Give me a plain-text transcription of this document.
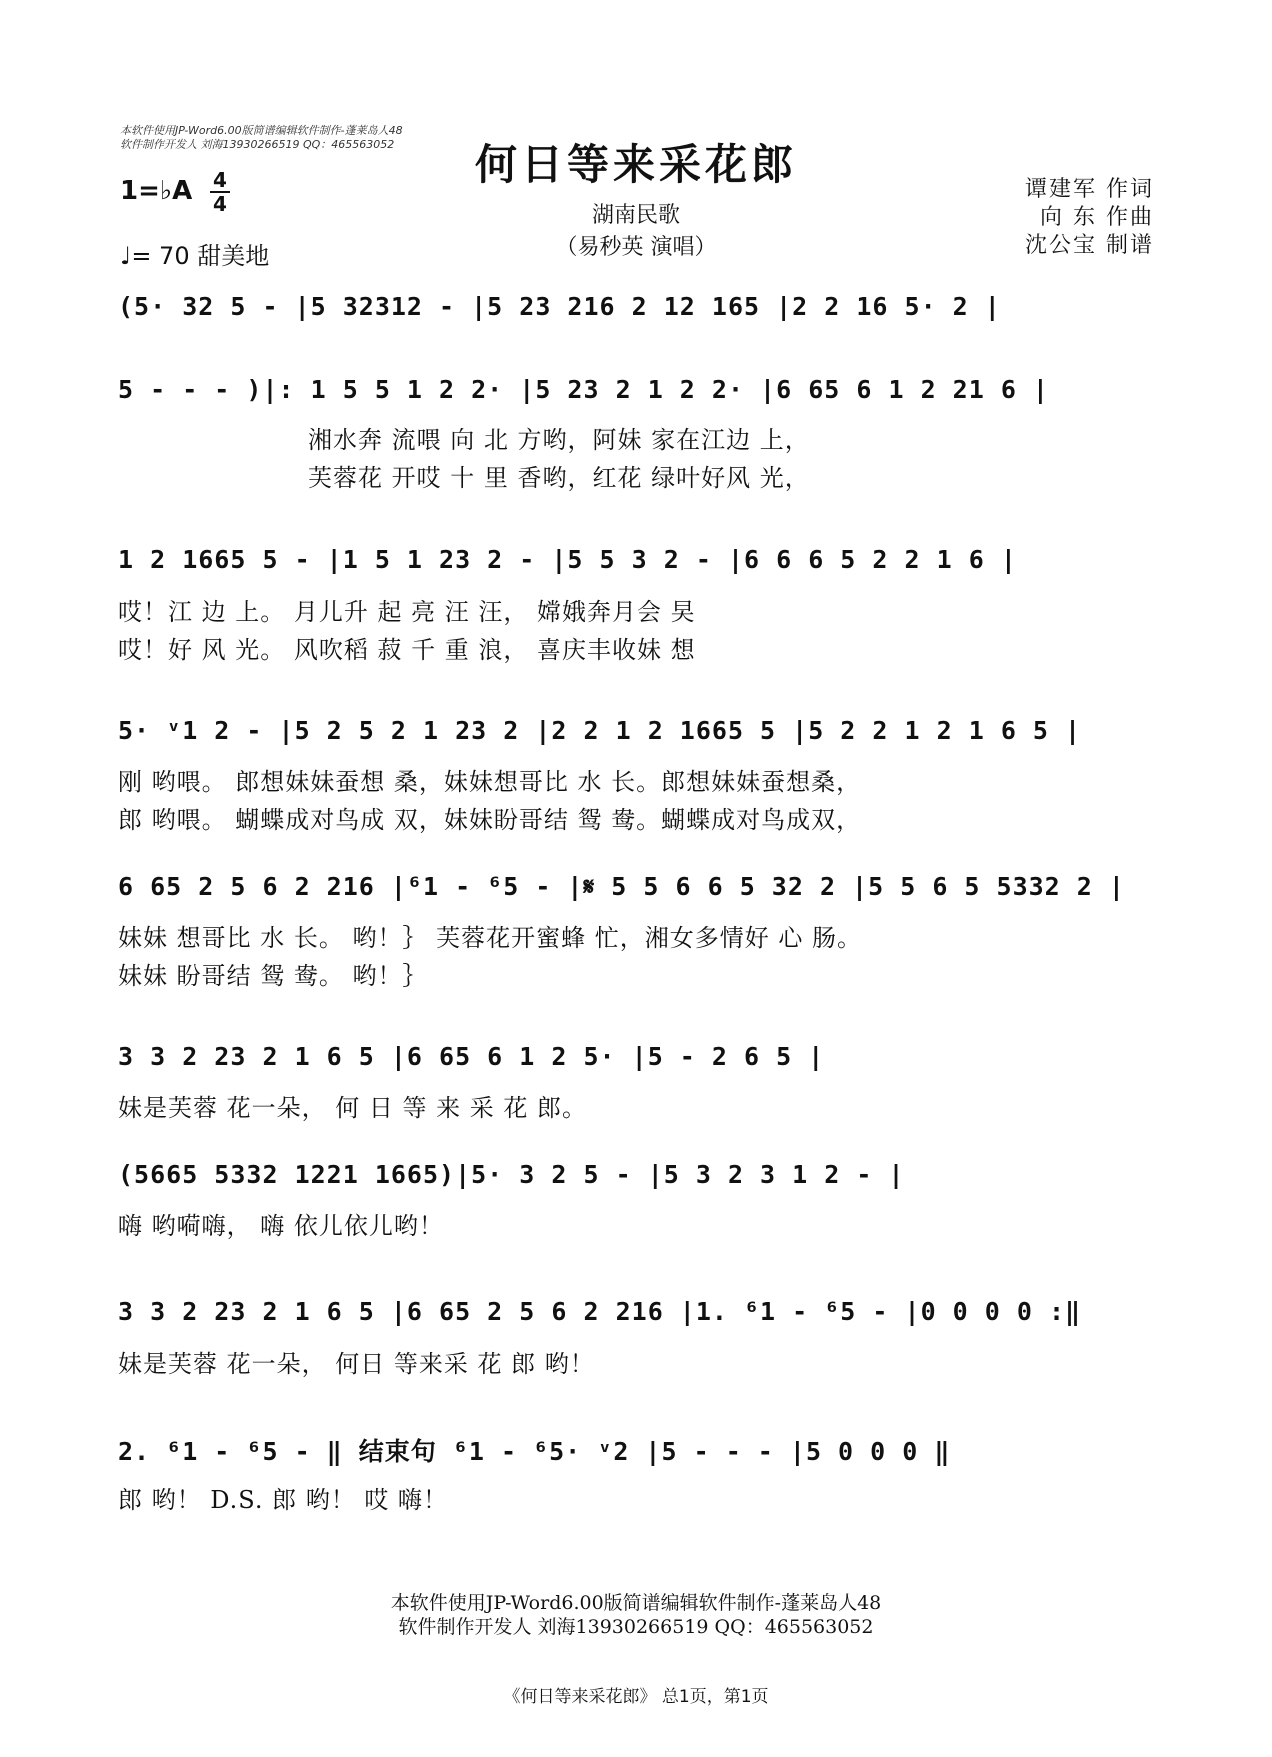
本软件使用JP-Word6.00版简谱编辑软件制作-蓬莱岛人48
软件制作开发人 刘海13930266519 QQ：465563052	何日等来采花郎
湖南民歌
（易秒英 演唱）
谭建军 作词
向 东 作曲
沈公宝 制谱
1=♭A 4
4
♩= 70 甜美地
(5· 32 5 - |5 32312 - |5 23 216 2 12 165 |2 2 16 5· 2 |
5 - - - )|: 1 5 5 1 2 2· |5 23 2 1 2 2· |6 65 6 1 2 21 6 |
湘水奔 流喂 向 北 方哟，阿妹 家在江边 上，
芙蓉花 开哎 十 里 香哟，红花 绿叶好风 光，
1 2 1665 5 - |1 5 1 23 2 - |5 5 3 2 - |6 6 6 5 2 2 1 6 |
哎！江 边 上。 月儿升 起 亮 汪 汪， 嫦娥奔月会 旲
哎！好 风 光。 风吹稻 菽 千 重 浪， 喜庆丰收妹 想
5· ᵛ1 2 - |5 2 5 2 1 23 2 |2 2 1 2 1665 5 |5 2 2 1 2 1 6 5 |
刚 哟喂。 郎想妹妹蚕想 桑，妹妹想哥比 水 长。郎想妹妹蚕想桑，
郎 哟喂。 蝴蝶成对鸟成 双，妹妹盼哥结 鸳 鸯。蝴蝶成对鸟成双，
6 65 2 5 6 2 216 |⁶1 - ⁶5 - |𝄋 5 5 6 6 5 32 2 |5 5 6 5 5332 2 |
妹妹 想哥比 水 长。 哟！｝ 芙蓉花开蜜蜂 忙，湘女多情好 心 肠。
妹妹 盼哥结 鸳 鸯。 哟！｝
3 3 2 23 2 1 6 5 |6 65 6 1 2 5· |5 - 2 6 5 |
妹是芙蓉 花一朵， 何 日 等 来 采 花 郎。
(5665 5332 1221 1665)|5· 3 2 5 - |5 3 2 3 1 2 - |
嗨 哟嗬嗨， 嗨 依儿依儿哟！
3 3 2 23 2 1 6 5 |6 65 2 5 6 2 216 |1. ⁶1 - ⁶5 - |0 0 0 0 :‖
妹是芙蓉 花一朵， 何日 等来采 花 郎 哟！
2. ⁶1 - ⁶5 - ‖ 结束句 ⁶1 - ⁶5· ᵛ2 |5 - - - |5 0 0 0 ‖
郎 哟！ D.S. 郎 哟！ 哎 嗨！
本软件使用JP-Word6.00版简谱编辑软件制作-蓬莱岛人48
软件制作开发人 刘海13930266519 QQ：465563052
《何日等来采花郎》 总1页，第1页
